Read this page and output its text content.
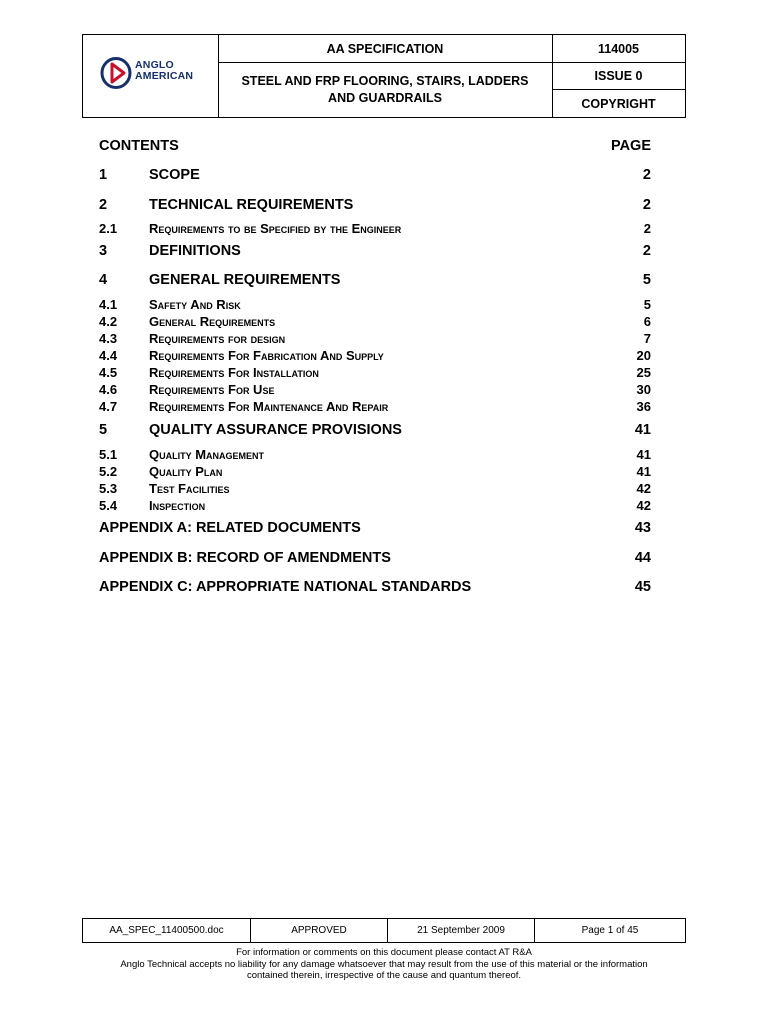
ANGLO
AMERICAN
AA SPECIFICATION
STEEL AND FRP FLOORING, STAIRS, LADDERS AND GUARDRAILS
114005
ISSUE 0
COPYRIGHT
CONTENTS	PAGE
1	SCOPE	2
2	TECHNICAL REQUIREMENTS	2
2.1 Requirements to be Specified by the Engineer	2
3	DEFINITIONS	2
4	GENERAL REQUIREMENTS	5
4.1 Safety And Risk	5
4.2 General Requirements	6
4.3 Requirements for design	7
4.4 Requirements For Fabrication And Supply	20
4.5 Requirements For Installation	25
4.6 Requirements For Use	30
4.7 Requirements For Maintenance And Repair	36
5	QUALITY ASSURANCE PROVISIONS	41
5.1 Quality Management	41
5.2 Quality Plan	41
5.3 Test Facilities	42
5.4 Inspection	42
APPENDIX A: RELATED DOCUMENTS	43
APPENDIX B: RECORD OF AMENDMENTS	44
APPENDIX C: APPROPRIATE NATIONAL STANDARDS	45
AA_SPEC_11400500.doc	APPROVED	21 September 2009	Page 1 of 45
For information or comments on this document please contact AT R&A
Anglo Technical accepts no liability for any damage whatsoever that may result from the use of this material or the information
contained therein, irrespective of the cause and quantum thereof.
